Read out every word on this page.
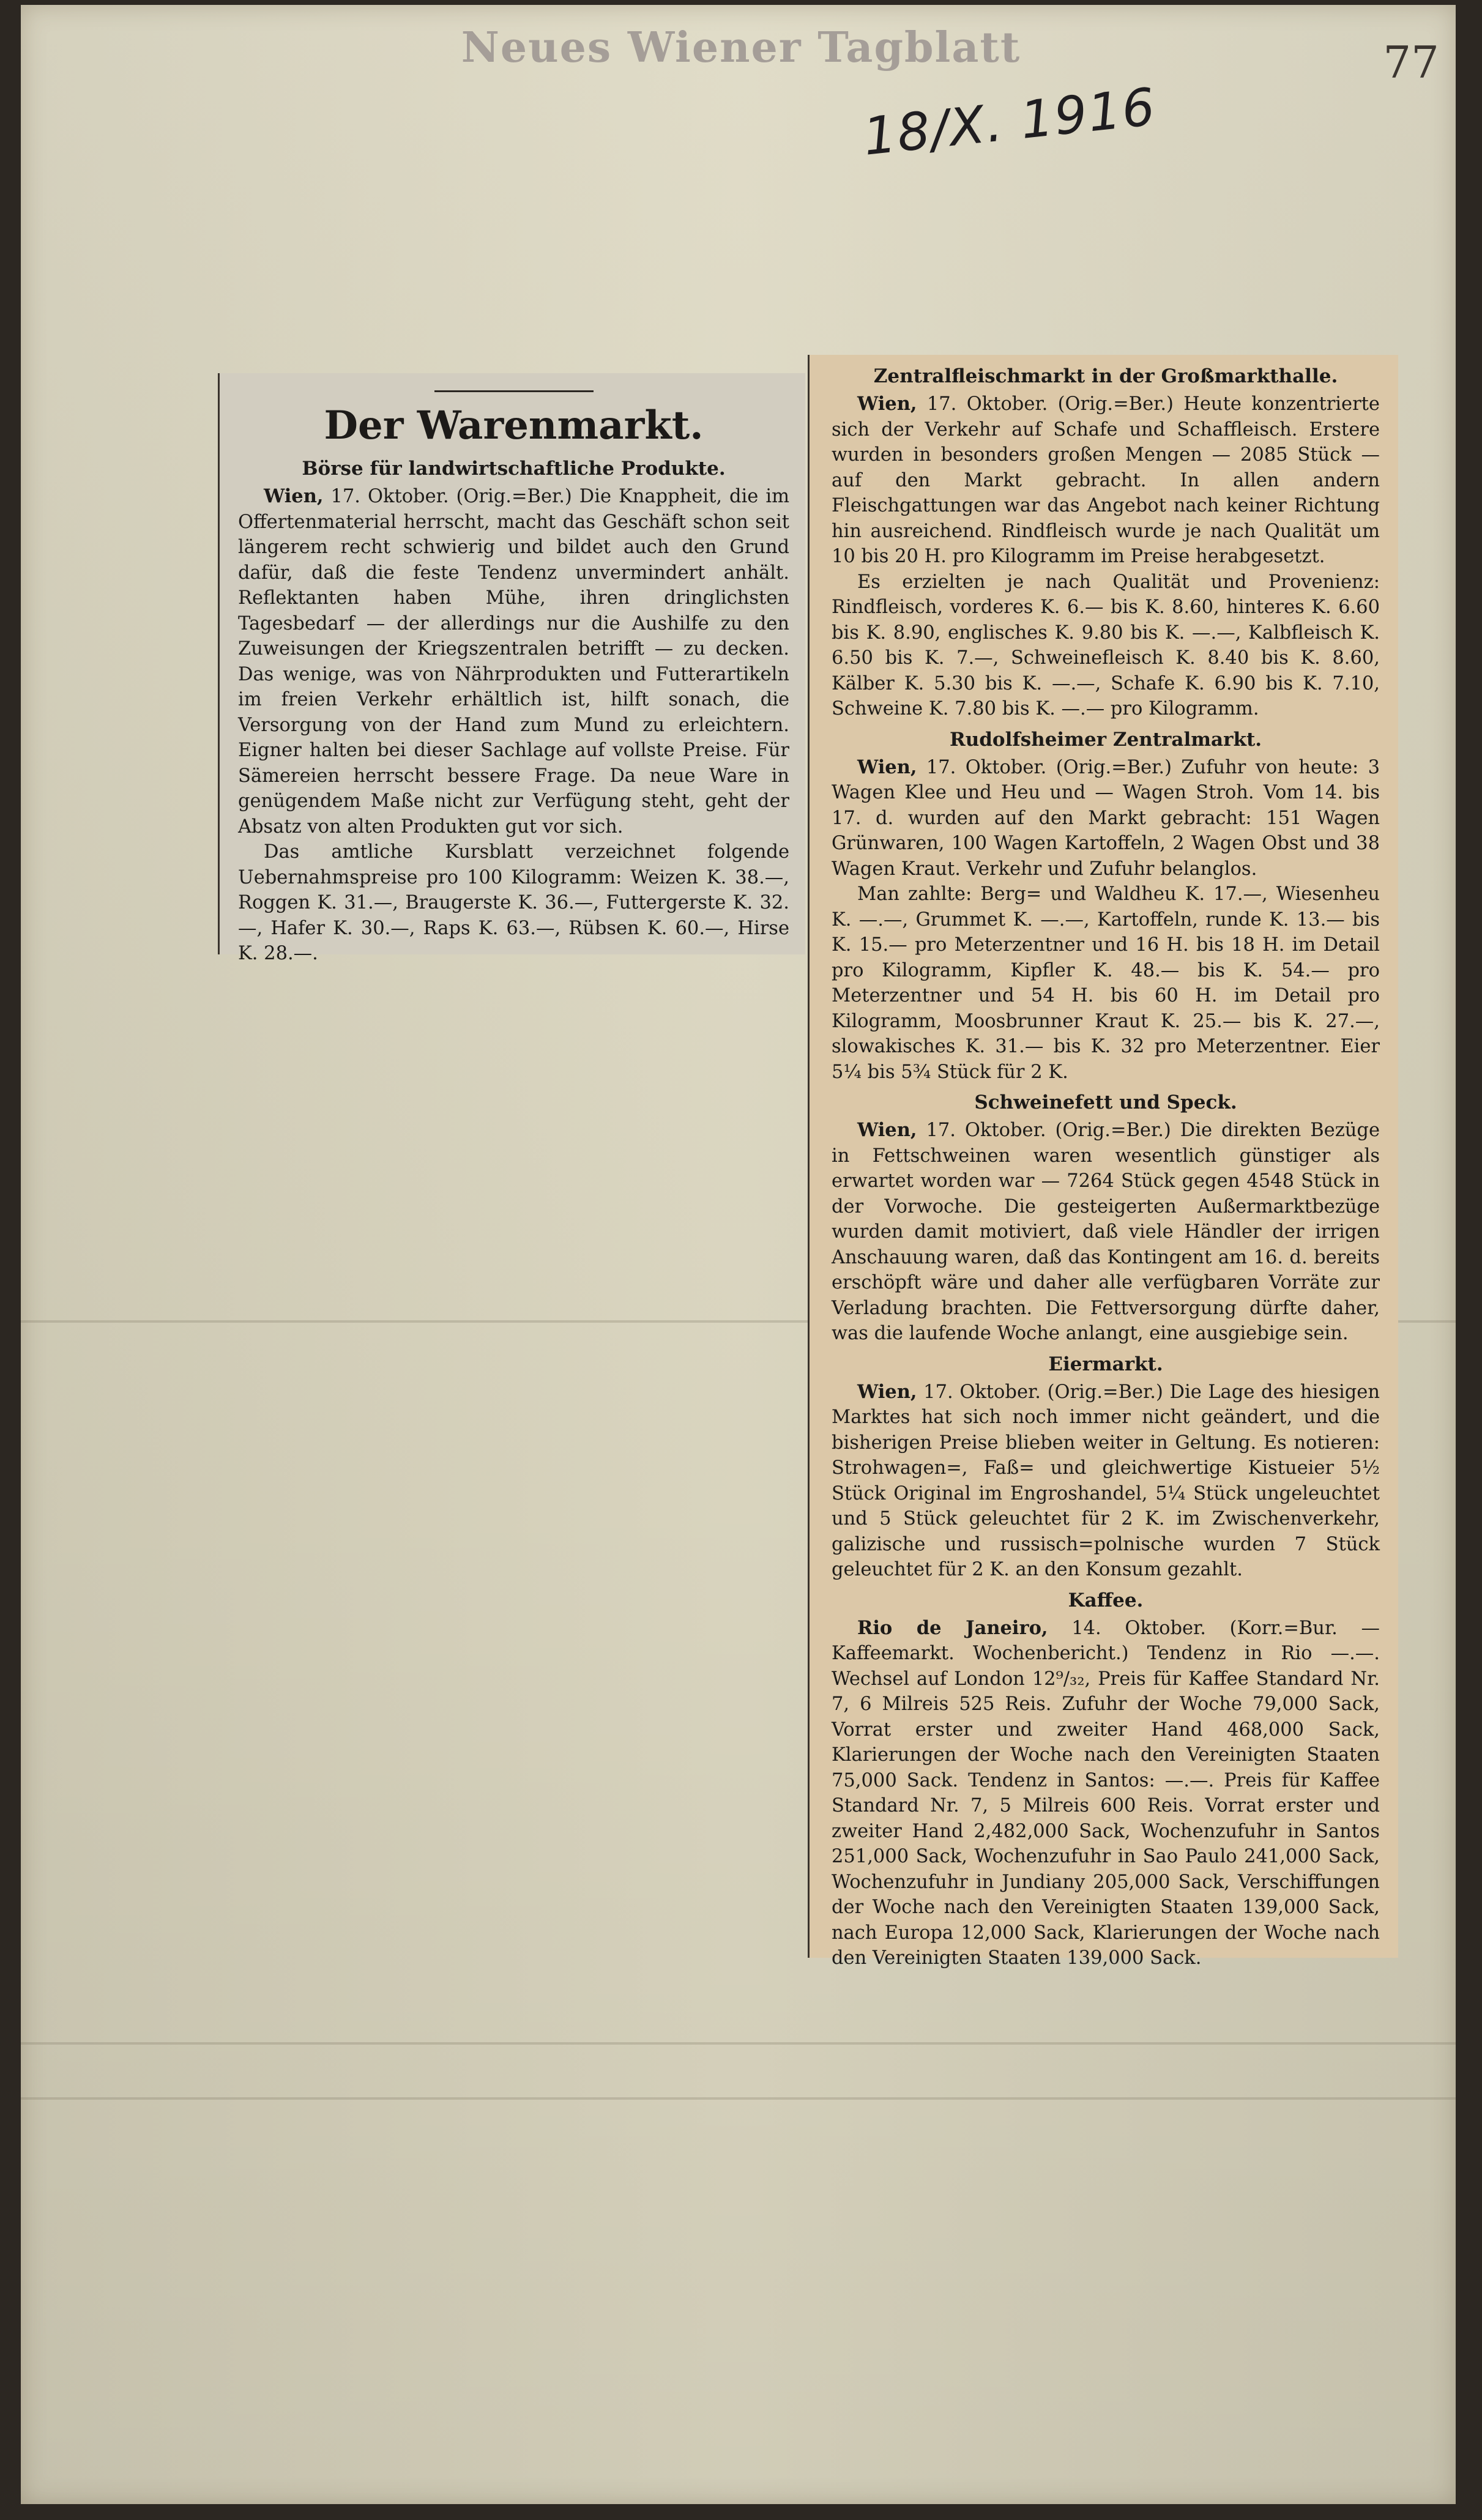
Neues Wiener Tagblatt	77
18/X. 1916
Der Warenmarkt.
Börse für landwirtschaftliche Produkte.

Wien, 17. Oktober. (Orig.=Ber.) Die Knappheit, die im Offertenmaterial herrscht, macht das Geschäft schon seit längerem recht schwierig und bildet auch den Grund dafür, daß die feste Tendenz unvermindert anhält. Reflektanten haben Mühe, ihren dringlichsten Tagesbedarf — der allerdings nur die Aushilfe zu den Zuweisungen der Kriegszentralen betrifft — zu decken. Das wenige, was von Nährprodukten und Futterartikeln im freien Verkehr erhältlich ist, hilft sonach, die Versorgung von der Hand zum Mund zu erleichtern. Eigner halten bei dieser Sachlage auf vollste Preise. Für Sämereien herrscht bessere Frage. Da neue Ware in genügendem Maße nicht zur Verfügung steht, geht der Absatz von alten Produkten gut vor sich.

Das amtliche Kursblatt verzeichnet folgende Uebernahmspreise pro 100 Kilogramm: Weizen K. 38.—, Roggen K. 31.—, Braugerste K. 36.—, Futtergerste K. 32.—, Hafer K. 30.—, Raps K. 63.—, Rübsen K. 60.—, Hirse K. 28.—.

Zentralfleischmarkt in der Großmarkthalle.

Wien, 17. Oktober. (Orig.=Ber.) Heute konzentrierte sich der Verkehr auf Schafe und Schaffleisch. Erstere wurden in besonders großen Mengen — 2085 Stück — auf den Markt gebracht. In allen andern Fleischgattungen war das Angebot nach keiner Richtung hin ausreichend. Rindfleisch wurde je nach Qualität um 10 bis 20 H. pro Kilogramm im Preise herabgesetzt.

Es erzielten je nach Qualität und Provenienz: Rindfleisch, vorderes K. 6.— bis K. 8.60, hinteres K. 6.60 bis K. 8.90, englisches K. 9.80 bis K. —.—, Kalbfleisch K. 6.50 bis K. 7.—, Schweinefleisch K. 8.40 bis K. 8.60, Kälber K. 5.30 bis K. —.—, Schafe K. 6.90 bis K. 7.10, Schweine K. 7.80 bis K. —.— pro Kilogramm.

Rudolfsheimer Zentralmarkt.

Wien, 17. Oktober. (Orig.=Ber.) Zufuhr von heute: 3 Wagen Klee und Heu und — Wagen Stroh. Vom 14. bis 17. d. wurden auf den Markt gebracht: 151 Wagen Grünwaren, 100 Wagen Kartoffeln, 2 Wagen Obst und 38 Wagen Kraut. Verkehr und Zufuhr belanglos.

Man zahlte: Berg= und Waldheu K. 17.—, Wiesenheu K. —.—, Grummet K. —.—, Kartoffeln, runde K. 13.— bis K. 15.— pro Meterzentner und 16 H. bis 18 H. im Detail pro Kilogramm, Kipfler K. 48.— bis K. 54.— pro Meterzentner und 54 H. bis 60 H. im Detail pro Kilogramm, Moosbrunner Kraut K. 25.— bis K. 27.—, slowakisches K. 31.— bis K. 32 pro Meterzentner. Eier 5¼ bis 5¾ Stück für 2 K.

Schweinefett und Speck.

Wien, 17. Oktober. (Orig.=Ber.) Die direkten Bezüge in Fettschweinen waren wesentlich günstiger als erwartet worden war — 7264 Stück gegen 4548 Stück in der Vorwoche. Die gesteigerten Außermarktbezüge wurden damit motiviert, daß viele Händler der irrigen Anschauung waren, daß das Kontingent am 16. d. bereits erschöpft wäre und daher alle verfügbaren Vorräte zur Verladung brachten. Die Fettversorgung dürfte daher, was die laufende Woche anlangt, eine ausgiebige sein.

Eiermarkt.

Wien, 17. Oktober. (Orig.=Ber.) Die Lage des hiesigen Marktes hat sich noch immer nicht geändert, und die bisherigen Preise blieben weiter in Geltung. Es notieren: Strohwagen=, Faß= und gleichwertige Kistueier 5½ Stück Original im Engroshandel, 5¼ Stück ungeleuchtet und 5 Stück geleuchtet für 2 K. im Zwischenverkehr, galizische und russisch=polnische wurden 7 Stück geleuchtet für 2 K. an den Konsum gezahlt.

Kaffee.

Rio de Janeiro, 14. Oktober. (Korr.=Bur. — Kaffeemarkt. Wochenbericht.) Tendenz in Rio —.—. Wechsel auf London 12⁹/₃₂, Preis für Kaffee Standard Nr. 7, 6 Milreis 525 Reis. Zufuhr der Woche 79,000 Sack, Vorrat erster und zweiter Hand 468,000 Sack, Klarierungen der Woche nach den Vereinigten Staaten 75,000 Sack. Tendenz in Santos: —.—. Preis für Kaffee Standard Nr. 7, 5 Milreis 600 Reis. Vorrat erster und zweiter Hand 2,482,000 Sack, Wochenzufuhr in Santos 251,000 Sack, Wochenzufuhr in Sao Paulo 241,000 Sack, Wochenzufuhr in Jundiany 205,000 Sack, Verschiffungen der Woche nach den Vereinigten Staaten 139,000 Sack, nach Europa 12,000 Sack, Klarierungen der Woche nach den Vereinigten Staaten 139,000 Sack.
